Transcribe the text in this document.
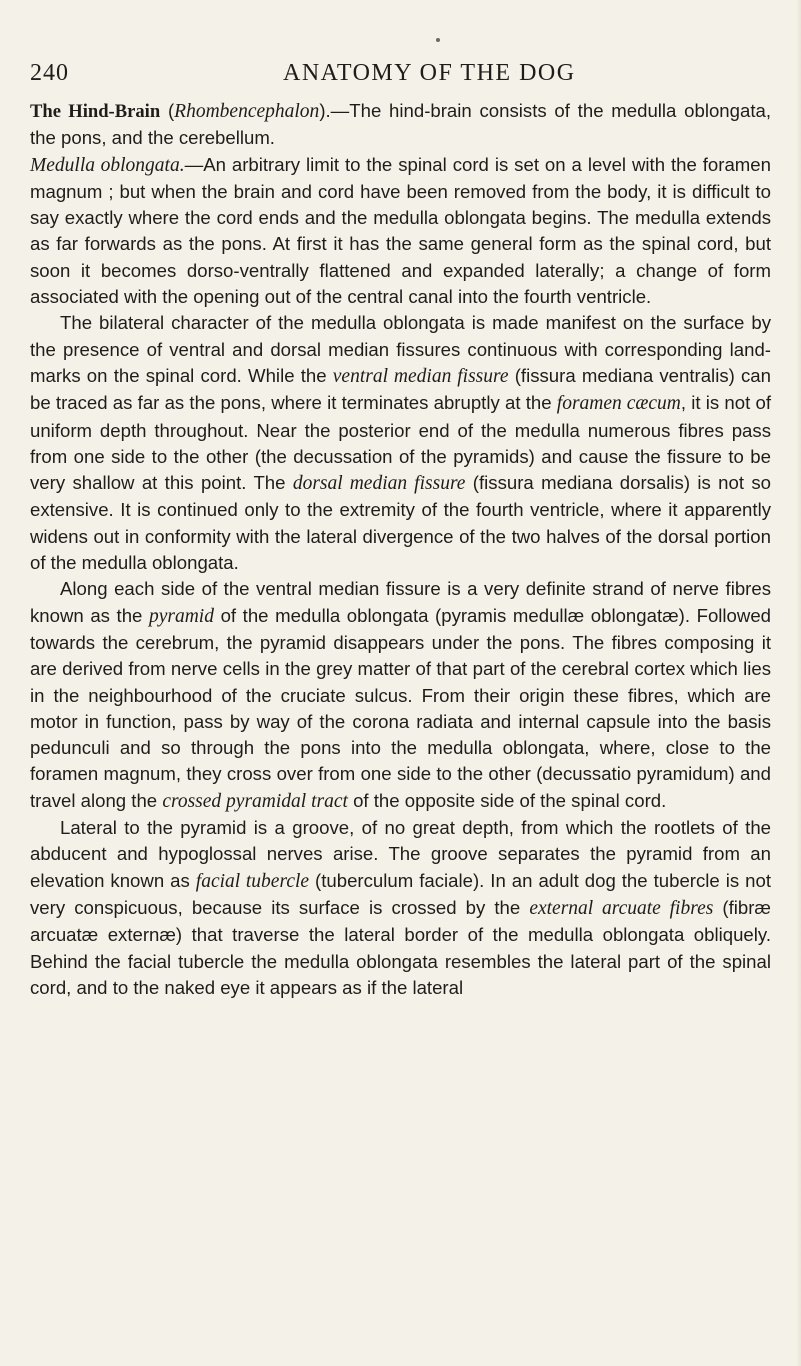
240	ANATOMY OF THE DOG

The Hind-Brain (Rhombencephalon).—The hind-brain consists of the medulla oblongata, the pons, and the cerebellum.

Medulla oblongata.—An arbitrary limit to the spinal cord is set on a level with the foramen magnum ; but when the brain and cord have been removed from the body, it is difficult to say exactly where the cord ends and the medulla oblongata begins. The medulla extends as far forwards as the pons. At first it has the same general form as the spinal cord, but soon it becomes dorso-ventrally flattened and expanded laterally; a change of form associated with the opening out of the central canal into the fourth ventricle.

The bilateral character of the medulla oblongata is made manifest on the surface by the presence of ventral and dorsal median fissures continuous with corresponding land-marks on the spinal cord. While the ventral median fissure (fissura mediana ventralis) can be traced as far as the pons, where it terminates abruptly at the foramen cæcum, it is not of uniform depth throughout. Near the posterior end of the medulla numerous fibres pass from one side to the other (the decussation of the pyramids) and cause the fissure to be very shallow at this point. The dorsal median fissure (fissura mediana dorsalis) is not so extensive. It is continued only to the extremity of the fourth ventricle, where it apparently widens out in conformity with the lateral divergence of the two halves of the dorsal portion of the medulla oblongata.

Along each side of the ventral median fissure is a very definite strand of nerve fibres known as the pyramid of the medulla oblongata (pyramis medullæ oblongatæ). Followed towards the cerebrum, the pyramid disappears under the pons. The fibres composing it are derived from nerve cells in the grey matter of that part of the cerebral cortex which lies in the neighbourhood of the cruciate sulcus. From their origin these fibres, which are motor in function, pass by way of the corona radiata and internal capsule into the basis pedunculi and so through the pons into the medulla oblongata, where, close to the foramen magnum, they cross over from one side to the other (decussatio pyramidum) and travel along the crossed pyramidal tract of the opposite side of the spinal cord.

Lateral to the pyramid is a groove, of no great depth, from which the rootlets of the abducent and hypoglossal nerves arise. The groove separates the pyramid from an elevation known as facial tubercle (tuberculum faciale). In an adult dog the tubercle is not very conspicuous, because its surface is crossed by the external arcuate fibres (fibræ arcuatæ externæ) that traverse the lateral border of the medulla oblongata obliquely. Behind the facial tubercle the medulla oblongata resembles the lateral part of the spinal cord, and to the naked eye it appears as if the lateral
